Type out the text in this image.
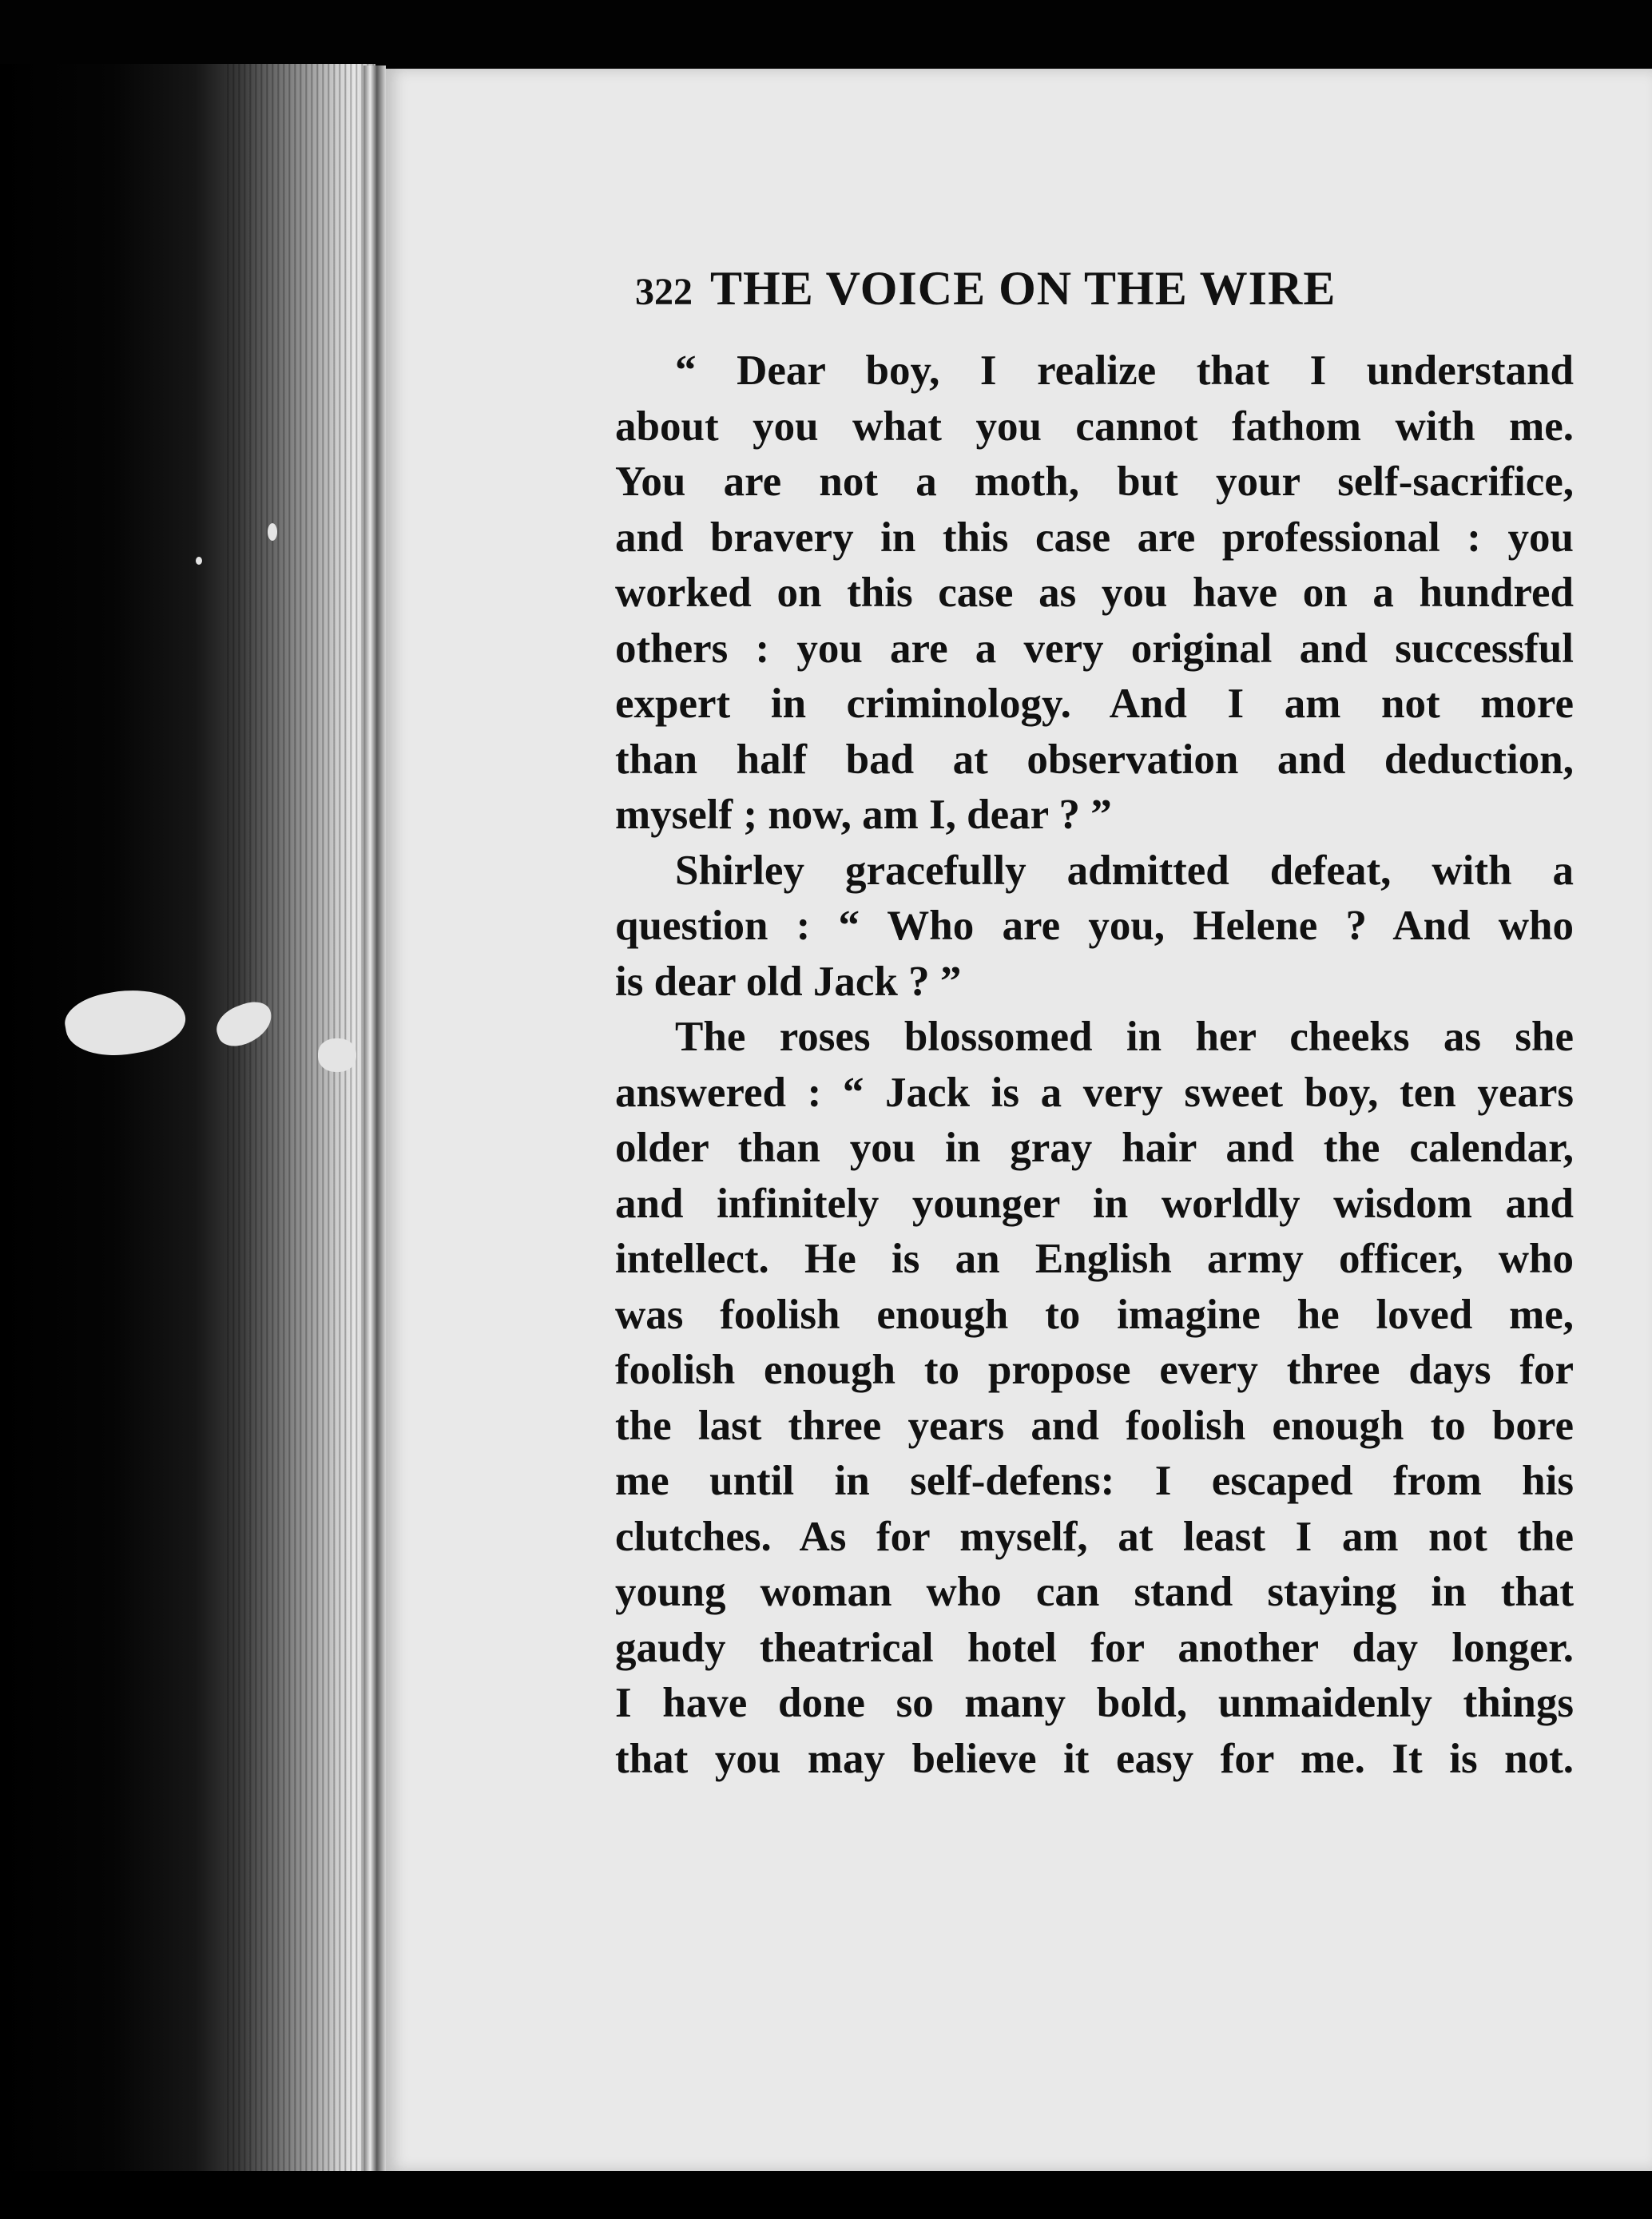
322 THE VOICE ON THE WIRE
“ Dear boy, I realize that I understand
about you what you cannot fathom with me.
You are not a moth, but your self-sacrifice,
and bravery in this case are professional : you
worked on this case as you have on a hundred
others : you are a very original and successful
expert in criminology. And I am not more
than half bad at observation and deduction,
myself ; now, am I, dear ? ”
Shirley gracefully admitted defeat, with a
question : “ Who are you, Helene ? And who
is dear old Jack ? ”
The roses blossomed in her cheeks as she
answered : “ Jack is a very sweet boy, ten years
older than you in gray hair and the calendar,
and infinitely younger in worldly wisdom and
intellect. He is an English army officer, who
was foolish enough to imagine he loved me,
foolish enough to propose every three days for
the last three years and foolish enough to bore
me until in self-defens: I escaped from his
clutches. As for myself, at least I am not the
young woman who can stand staying in that
gaudy theatrical hotel for another day longer.
I have done so many bold, unmaidenly things
that you may believe it easy for me. It is not.
